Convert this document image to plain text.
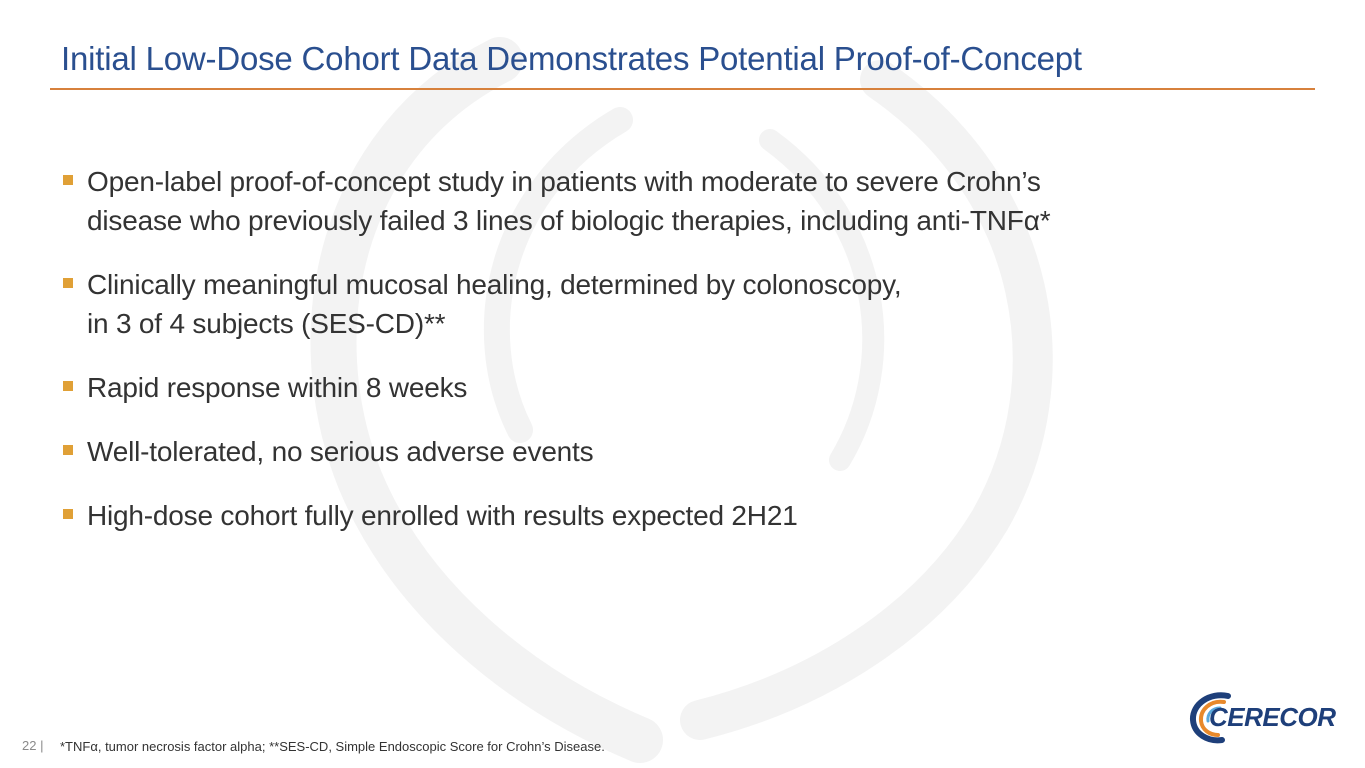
Initial Low-Dose Cohort Data Demonstrates Potential Proof-of-Concept
Open-label proof-of-concept study in patients with moderate to severe Crohn’s
disease who previously failed 3 lines of biologic therapies, including anti-TNFα*
Clinically meaningful mucosal healing, determined by colonoscopy,
in 3 of 4 subjects (SES-CD)**
Rapid response within 8 weeks
Well-tolerated, no serious adverse events
High-dose cohort fully enrolled with results expected 2H21
22 | *TNFα, tumor necrosis factor alpha; **SES-CD, Simple Endoscopic Score for Crohn’s Disease.
CERECOR
